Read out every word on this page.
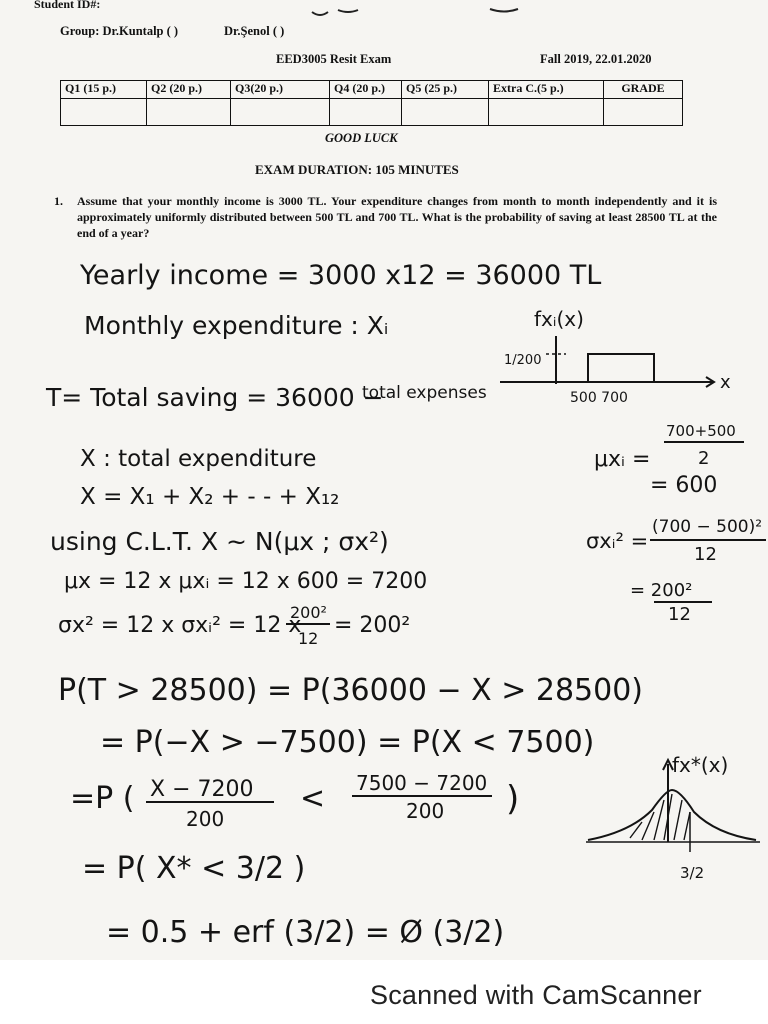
Student ID#:
Group: Dr.Kuntalp ( )	Dr.Şenol ( )
EED3005 Resit Exam	Fall 2019, 22.01.2020
Q1 (15 p.)	Q2 (20 p.)	Q3(20 p.)	Q4 (20 p.)	Q5 (25 p.)	Extra C.(5 p.)	GRADE

GOOD LUCK
EXAM DURATION: 105 MINUTES
1. Assume that your monthly income is 3000 TL. Your expenditure changes from month to month independently and it is approximately uniformly distributed between 500 TL and 700 TL. What is the probability of saving at least 28500 TL at the end of a year?
Yearly income = 3000 x12 = 36000 TL
Monthly expenditure : Xᵢ
T= Total saving = 36000 −
total expenses
X : total expenditure
X = X₁ + X₂ + - - + X₁₂
using C.L.T. X ~ N(μx ; σx²)
μx = 12 x μxᵢ = 12 x 600 = 7200
σx² = 12 x σxᵢ² = 12 x
200²
12
= 200²
P(T > 28500) = P(36000 − X > 28500)
= P(−X > −7500) = P(X < 7500)
=P ( X − 7200
200
< 7500 − 7200
200 )
= P( X* < 3/2 )
= 0.5 + erf (3/2) = Ø (3/2)
fxᵢ(x)
1/200
x
500 700
μxᵢ =
700+500
2
= 600
σxᵢ² =
(700 − 500)²
12
= 200²
12
fx*(x)
3/2
Scanned with CamScanner
